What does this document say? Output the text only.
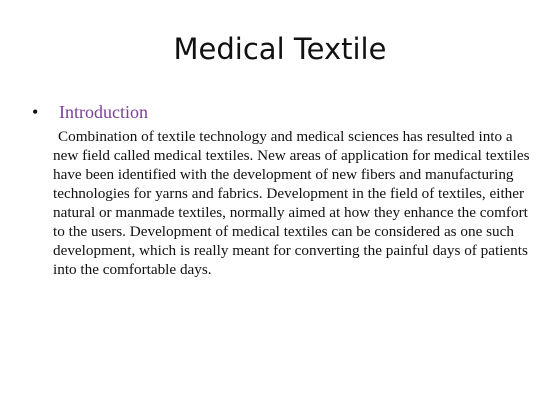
Medical Textile
•	Introduction

Combination of textile technology and medical sciences has resulted into a new field called medical textiles. New areas of application for medical textiles have been identified with the development of new fibers and manufacturing technologies for yarns and fabrics. Development in the field of textiles, either natural or manmade textiles, normally aimed at how they enhance the comfort to the users. Development of medical textiles can be considered as one such development, which is really meant for converting the painful days of patients into the comfortable days.
